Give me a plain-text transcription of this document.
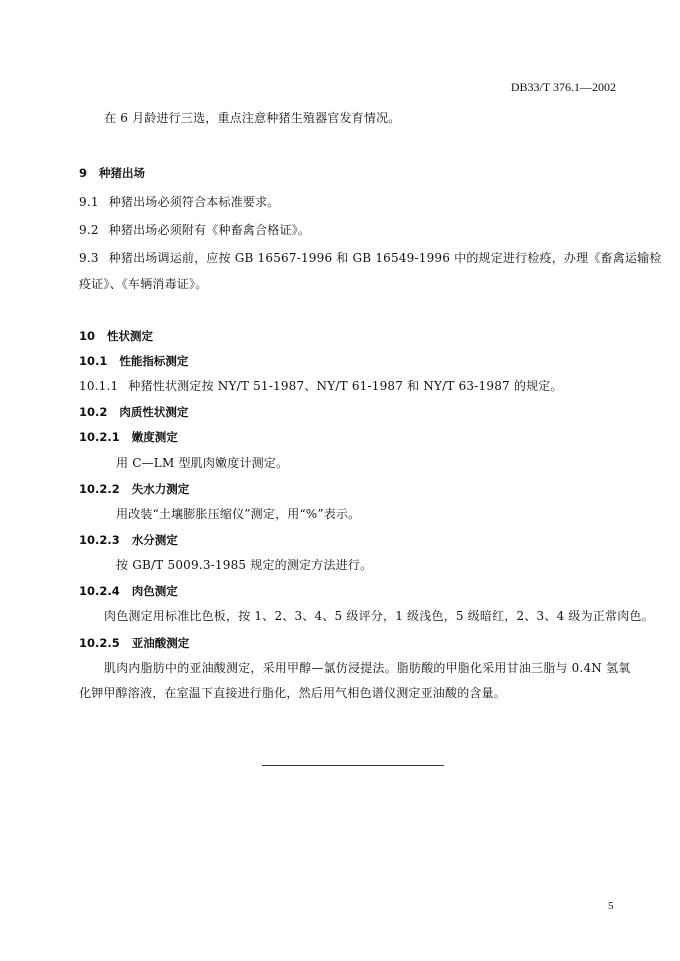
DB33/T 376.1—2002
在 6 月龄进行三选，重点注意种猪生殖器官发育情况。
9 种猪出场
9.1 种猪出场必须符合本标准要求。
9.2 种猪出场必须附有《种畜禽合格证》。
9.3 种猪出场调运前，应按 GB 16567-1996 和 GB 16549-1996 中的规定进行检疫，办理《畜禽运输检
疫证》、《车辆消毒证》。
10 性状测定
10.1 性能指标测定
10.1.1 种猪性状测定按 NY/T 51-1987、NY/T 61-1987 和 NY/T 63-1987 的规定。
10.2 肉质性状测定
10.2.1 嫩度测定
用 C—LM 型肌肉嫩度计测定。
10.2.2 失水力测定
用改装“土壤膨胀压缩仪”测定，用“%”表示。
10.2.3 水分测定
按 GB/T 5009.3-1985 规定的测定方法进行。
10.2.4 肉色测定
肉色测定用标准比色板，按 1、2、3、4、5 级评分，1 级浅色，5 级暗红，2、3、4 级为正常肉色。
10.2.5 亚油酸测定
肌肉内脂肪中的亚油酸测定，采用甲醇—氯仿浸提法。脂肪酸的甲脂化采用甘油三脂与 0.4N 氢氧
化钾甲醇溶液，在室温下直接进行脂化，然后用气相色谱仪测定亚油酸的含量。
5
